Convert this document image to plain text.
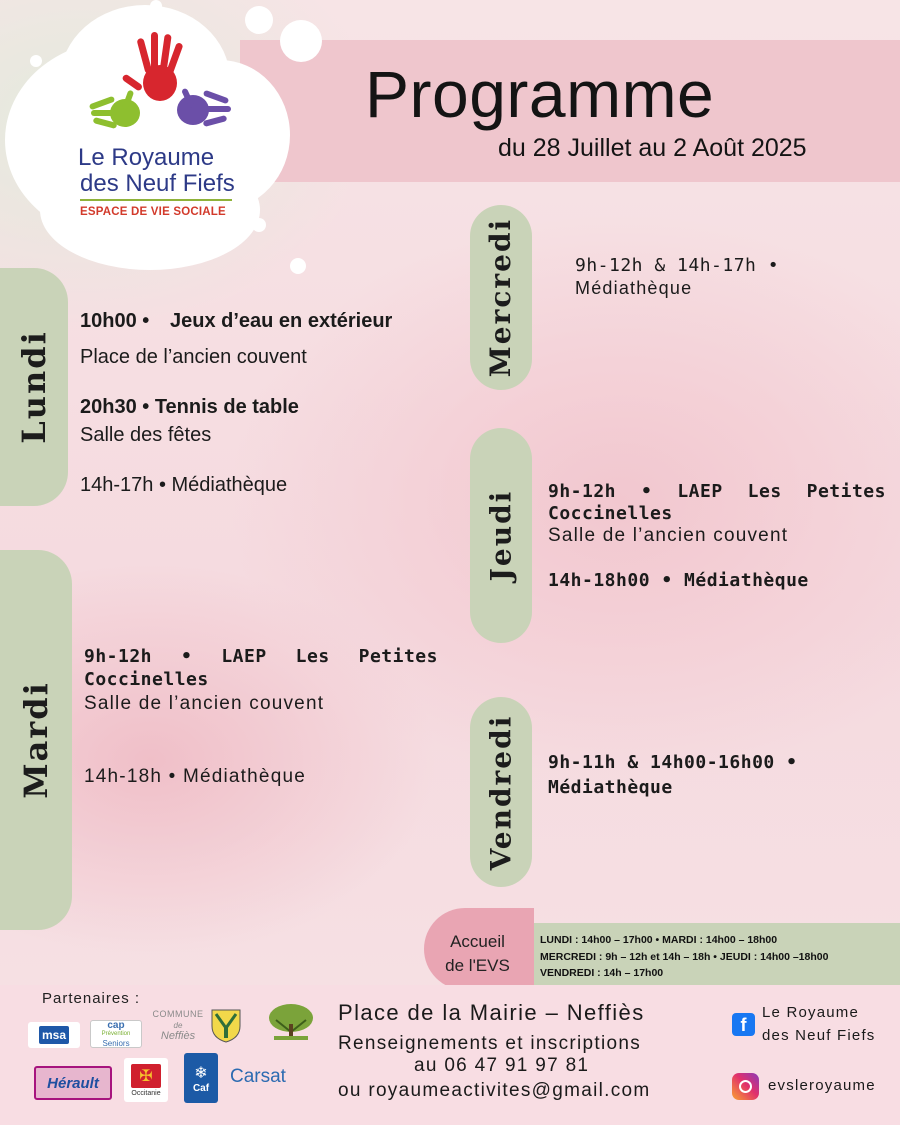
Programme
du 28 Juillet au 2 Août 2025
Le Royaume
des Neuf Fiefs
ESPACE DE VIE SOCIALE
Lundi
10h00 • Jeux d’eau en extérieur
Place de l’ancien couvent
20h30 • Tennis de table
Salle des fêtes
14h-17h • Médiathèque
Mardi
9h-12h • LAEP Les Petites
Coccinelles
Salle de l’ancien couvent
14h-18h • Médiathèque
Mercredi	9h-12h & 14h-17h •
Médiathèque
Jeudi 9h-12h • LAEP Les Petites
Coccinelles
Salle de l’ancien couvent
14h-18h00 • Médiathèque
Vendredi 9h-11h & 14h00-16h00 •
Médiathèque
Accueil
de l'EVS
LUNDI : 14h00 – 17h00 • MARDI : 14h00 – 18h00
MERCREDI : 9h – 12h et 14h – 18h • JEUDI : 14h00 –18h00
VENDREDI : 14h – 17h00
Partenaires :
msa
cap
Prévention
Seniors
COMMUNE
de
Neffiès
Hérault	✠
Occitanie
❄
Caf
Carsat
Place de la Mairie – Neffiès
Renseignements et inscriptions
au 06 47 91 97 81
ou royaumeactivites@gmail.com
f
Le Royaume
des Neuf Fiefs
evsleroyaume
